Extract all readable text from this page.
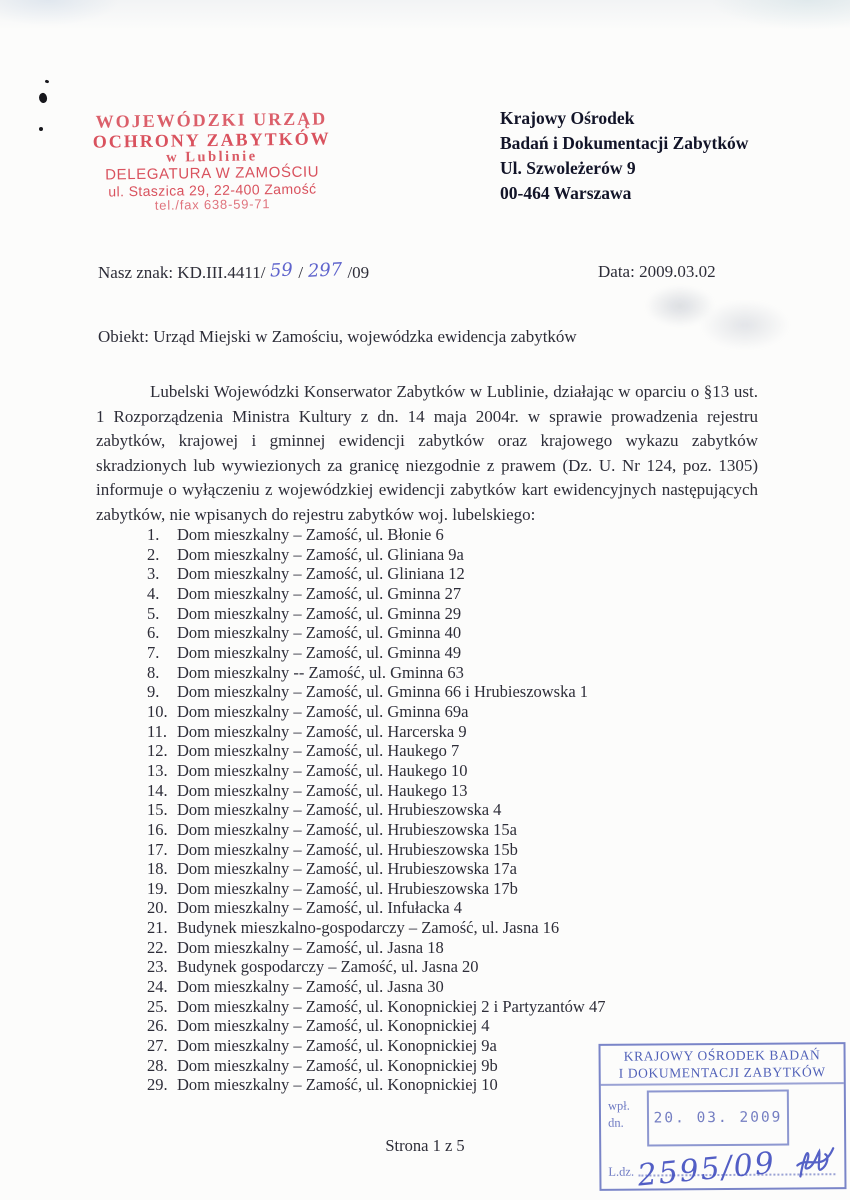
WOJEWÓDZKI URZĄD
OCHRONY ZABYTKÓW
w Lublinie
DELEGATURA W ZAMOŚCIU
ul. Staszica 29, 22-400 Zamość
tel./fax 638-59-71
Krajowy Ośrodek
Badań i Dokumentacji Zabytków
Ul. Szwoleżerów 9
00-464 Warszawa
Nasz znak: KD.III.4411/ 59 / 297 /09	Data: 2009.03.02
Obiekt: Urząd Miejski w Zamościu, wojewódzka ewidencja zabytków

Lubelski Wojewódzki Konserwator Zabytków w Lublinie, działając w oparciu o §13 ust. 1 Rozporządzenia Ministra Kultury z dn. 14 maja 2004r. w sprawie prowadzenia rejestru zabytków, krajowej i gminnej ewidencji zabytków oraz krajowego wykazu zabytków skradzionych lub wywiezionych za granicę niezgodnie z prawem (Dz. U. Nr 124, poz. 1305) informuje o wyłączeniu z wojewódzkiej ewidencji zabytków kart ewidencyjnych następujących zabytków, nie wpisanych do rejestru zabytków woj. lubelskiego:

1.	Dom mieszkalny – Zamość, ul. Błonie 6
2.	Dom mieszkalny – Zamość, ul. Gliniana 9a
3.	Dom mieszkalny – Zamość, ul. Gliniana 12
4.	Dom mieszkalny – Zamość, ul. Gminna 27
5.	Dom mieszkalny – Zamość, ul. Gminna 29
6.	Dom mieszkalny – Zamość, ul. Gminna 40
7.	Dom mieszkalny – Zamość, ul. Gminna 49
8.	Dom mieszkalny -- Zamość, ul. Gminna 63
9.	Dom mieszkalny – Zamość, ul. Gminna 66 i Hrubieszowska 1
10. Dom mieszkalny – Zamość, ul. Gminna 69a
11. Dom mieszkalny – Zamość, ul. Harcerska 9
12. Dom mieszkalny – Zamość, ul. Haukego 7
13. Dom mieszkalny – Zamość, ul. Haukego 10
14. Dom mieszkalny – Zamość, ul. Haukego 13
15. Dom mieszkalny – Zamość, ul. Hrubieszowska 4
16. Dom mieszkalny – Zamość, ul. Hrubieszowska 15a
17. Dom mieszkalny – Zamość, ul. Hrubieszowska 15b
18. Dom mieszkalny – Zamość, ul. Hrubieszowska 17a
19. Dom mieszkalny – Zamość, ul. Hrubieszowska 17b
20. Dom mieszkalny – Zamość, ul. Infułacka 4
21. Budynek mieszkalno-gospodarczy – Zamość, ul. Jasna 16
22. Dom mieszkalny – Zamość, ul. Jasna 18
23. Budynek gospodarczy – Zamość, ul. Jasna 20
24. Dom mieszkalny – Zamość, ul. Jasna 30
25. Dom mieszkalny – Zamość, ul. Konopnickiej 2 i Partyzantów 47
26. Dom mieszkalny – Zamość, ul. Konopnickiej 4
27. Dom mieszkalny – Zamość, ul. Konopnickiej 9a
28. Dom mieszkalny – Zamość, ul. Konopnickiej 9b
29. Dom mieszkalny – Zamość, ul. Konopnickiej 10
KRAJOWY OŚRODEK BADAŃ
I DOKUMENTACJI ZABYTKÓW
wpł.
dn.	20. 03. 2009
L.dz. 2595/09
Strona 1 z 5
